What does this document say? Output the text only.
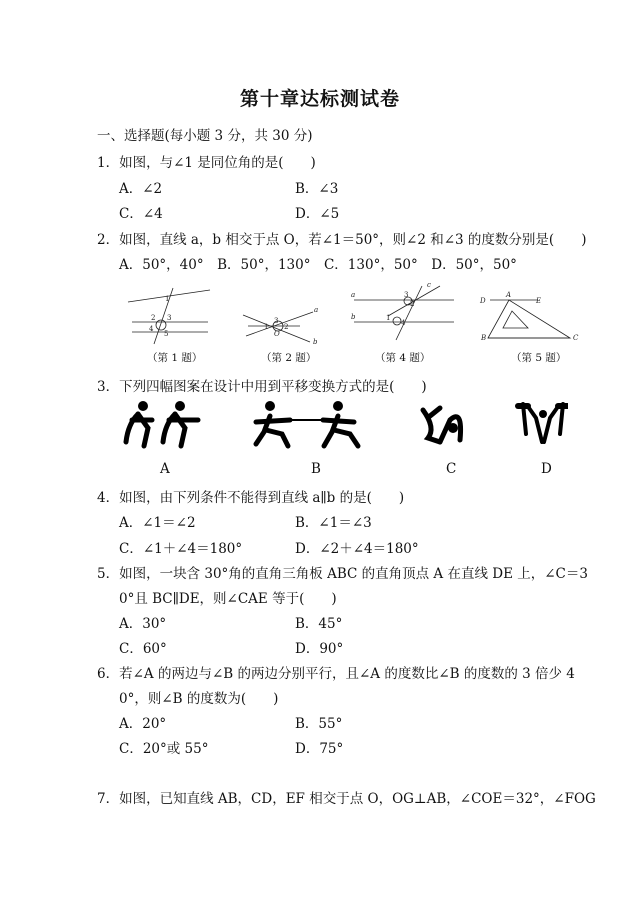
第十章达标测试卷
一、选择题(每小题 3 分，共 30 分)
1．如图，与∠1 是同位角的是(　　)
A．∠2	B．∠3
C．∠4	D．∠5
2．如图，直线 a，b 相交于点 O，若∠1＝50°，则∠2 和∠3 的度数分别是(　　)
A．50°，40°　B．50°，130°　C．130°，50°　D．50°，50°
1
2 3
4
5
a
b
1
3
2
O
a
b
c
1
2
3
4
D
A
E
B	C
（第 1 题）	（第 2 题）	（第 4 题）	（第 5 题）
3．下列四幅图案在设计中用到平移变换方式的是(　　)
A	B	C	D
4．如图，由下列条件不能得到直线 a∥b 的是(　　)
A．∠1＝∠2	B．∠1＝∠3
C．∠1＋∠4＝180°	D．∠2＋∠4＝180°
5．如图，一块含 30°角的直角三角板 ABC 的直角顶点 A 在直线 DE 上，∠C＝3
0°且 BC∥DE，则∠CAE 等于(　　)
A．30°	B．45°
C．60°	D．90°
6．若∠A 的两边与∠B 的两边分别平行，且∠A 的度数比∠B 的度数的 3 倍少 4
0°，则∠B 的度数为(　　)
A．20°	B．55°
C．20°或 55°	D．75°
7．如图，已知直线 AB，CD，EF 相交于点 O，OG⊥AB，∠COE＝32°，∠FOG
